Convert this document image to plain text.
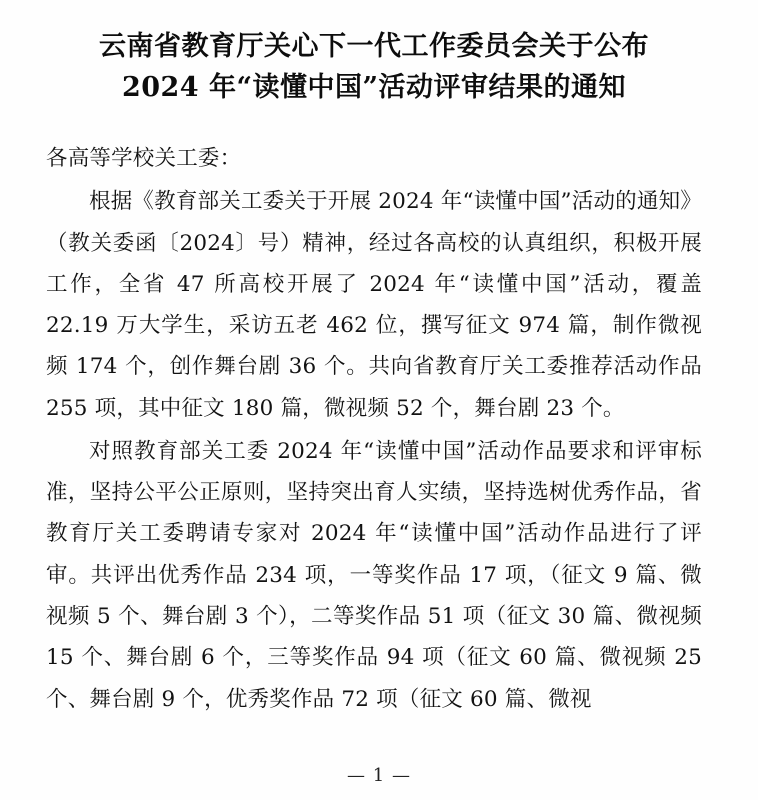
云南省教育厅关心下一代工作委员会关于公布
2024 年“读懂中国”活动评审结果的通知

各高等学校关工委：

根据《教育部关工委关于开展 2024 年“读懂中国”活动的通知》（教关委函〔2024〕号）精神，经过各高校的认真组织，积极开展工作，全省 47 所高校开展了 2024 年“读懂中国”活动，覆盖 22.19 万大学生，采访五老 462 位，撰写征文 974 篇，制作微视频 174 个，创作舞台剧 36 个。共向省教育厅关工委推荐活动作品 255 项，其中征文 180 篇，微视频 52 个，舞台剧 23 个。

对照教育部关工委 2024 年“读懂中国”活动作品要求和评审标准，坚持公平公正原则，坚持突出育人实绩，坚持选树优秀作品，省教育厅关工委聘请专家对 2024 年“读懂中国”活动作品进行了评审。共评出优秀作品 234 项，一等奖作品 17 项，（征文 9 篇、微视频 5 个、舞台剧 3 个），二等奖作品 51 项（征文 30 篇、微视频 15 个、舞台剧 6 个，三等奖作品 94 项（征文 60 篇、微视频 25 个、舞台剧 9 个，优秀奖作品 72 项（征文 60 篇、微视

— 1 —
